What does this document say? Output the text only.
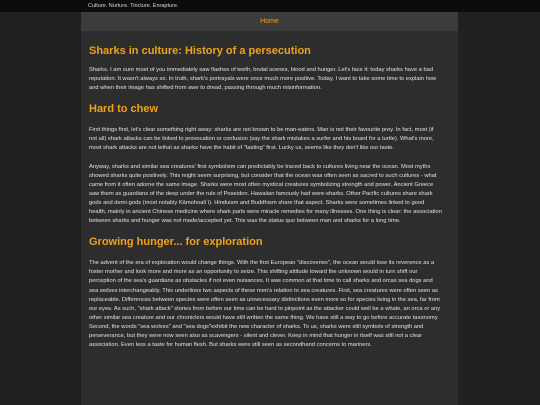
Culture. Nurture. Tincture. Enrapture.
Home
Sharks in culture: History of a persecution

Sharks. I am sure most of you immediately saw flashes of teeth, brutal scenes, blood and hunger. Let's face it: today sharks have a bad reputation. It wasn't always so. In truth, shark's portrayals were once much more positive. Today, I want to take some time to explain how and when their image has shifted from awe to dread, passing through much misinformation.

Hard to chew

First things first, let's clear something right away: sharks are not known to be man-eaters. Man is not their favourite prey. In fact, most (if not all) shark attacks can be linked to provocation or confusion (say the shark mistakes a surfer and his board for a turtle). What's more, most shark attacks are not lethal as sharks have the habit of "tasting" first. Lucky us, seems like they don't like our taste.

Anyway, sharks and similar sea creatures' first symbolism can predictably be traced back to cultures living near the ocean. Most myths showed sharks quite positively. This might seem surprising, but consider that the ocean was often seen as sacred to such cultures - what came from it often adorne the same image. Sharks were most often mystical creatures symbolizing strength and power. Ancient Greece saw them as guardians of the deep under the rule of Poseidon. Hawaiian famously had were-sharks. Other Pacific cultures share shark gods and demi-gods (most notably Kāmohoali`i). Hinduism and Buddhism share that aspect. Sharks were sometimes linked to good health, mainly in ancient Chinese medicine where shark parts were miracle remedies for many illnesses. One thing is clear: the association between sharks and hunger was not made/accepted yet. This was the status quo between man and sharks for a long time.

Growing hunger... for exploration

The advent of the era of exploration would change things. With the first European "discoveries", the ocean would lose its reverence as a foster mother and look more and more as an opportunity to seize. This shifting attitude toward the unknown would in turn shift our perception of the sea's guardians as obstacles if not even nuisances. It was common at that time to call sharks and orcas sea dogs and sea wolves interchangeably. This underlines two aspects of these men's relation to sea creatures. First, sea creatures were often seen as replaceable. Differences between species were often seen as unnecessary distinctions even more so for species living in the sea, far from our eyes. As such, "shark attack" stories from before our time can be hard to pinpoint as the attacker could well be a whale, an orca or any other similar sea creature and our chroniclers would have still written the same thing. We have still a way to go before accurate taxonomy. Second, the words "sea wolves" and "sea dogs"exhibit the new character of sharks. To us, sharks were still symbols of strength and perseverance, but they were now seen also as scavengers - silent and clever. Keep in mind that hunger in itself was still not a clear association. Even less a taste for human flesh. But sharks were still seen as secondhand concerns to mariners.
